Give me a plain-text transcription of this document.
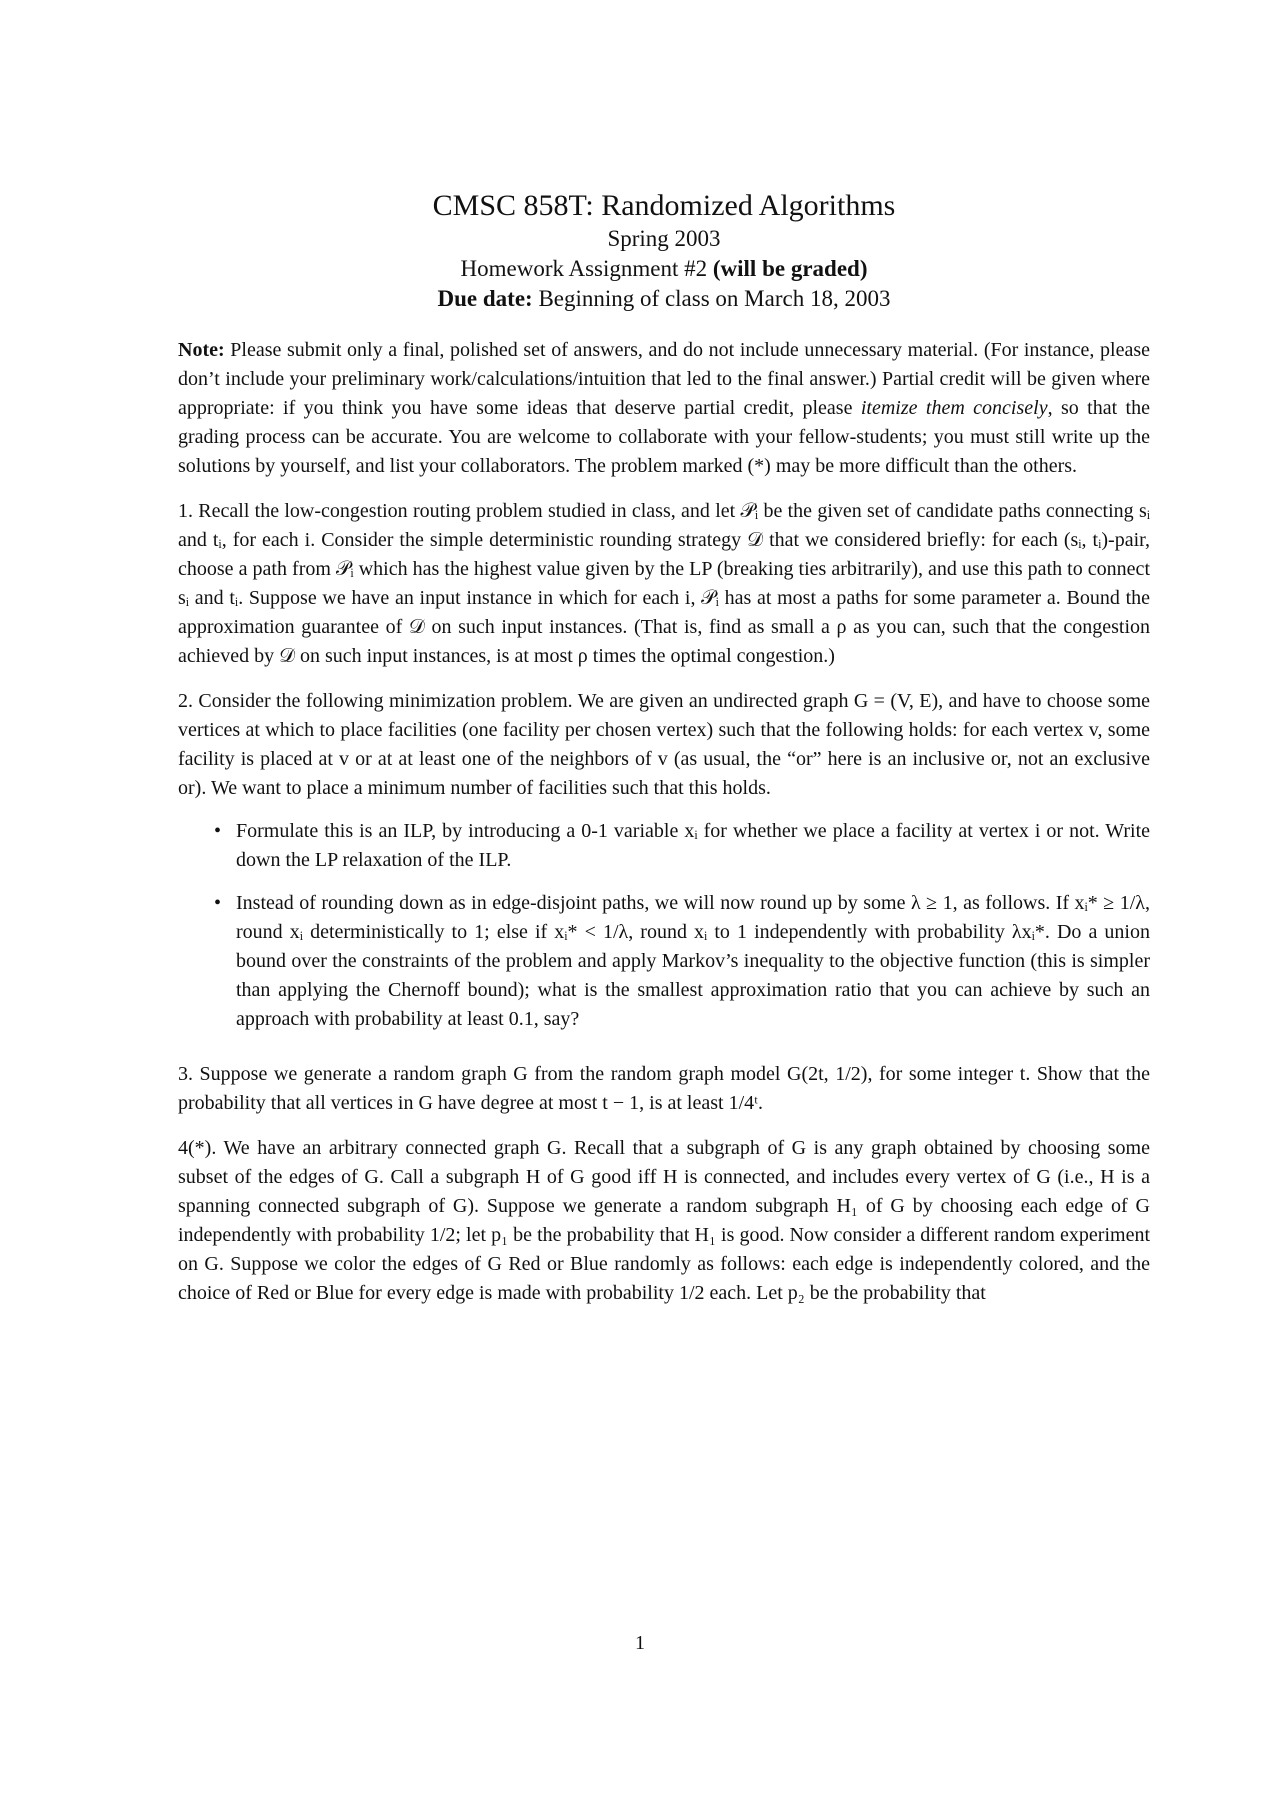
CMSC 858T: Randomized Algorithms
Spring 2003
Homework Assignment #2 (will be graded)
Due date: Beginning of class on March 18, 2003

Note: Please submit only a final, polished set of answers, and do not include unnecessary material. (For instance, please don’t include your preliminary work/calculations/intuition that led to the final answer.) Partial credit will be given where appropriate: if you think you have some ideas that deserve partial credit, please itemize them concisely, so that the grading process can be accurate. You are welcome to collaborate with your fellow-students; you must still write up the solutions by yourself, and list your collaborators. The problem marked (*) may be more difficult than the others.

1. Recall the low-congestion routing problem studied in class, and let 𝒫ᵢ be the given set of candidate paths connecting sᵢ and tᵢ, for each i. Consider the simple deterministic rounding strategy 𝒟 that we considered briefly: for each (sᵢ, tᵢ)-pair, choose a path from 𝒫ᵢ which has the highest value given by the LP (breaking ties arbitrarily), and use this path to connect sᵢ and tᵢ. Suppose we have an input instance in which for each i, 𝒫ᵢ has at most a paths for some parameter a. Bound the approximation guarantee of 𝒟 on such input instances. (That is, find as small a ρ as you can, such that the congestion achieved by 𝒟 on such input instances, is at most ρ times the optimal congestion.)

2. Consider the following minimization problem. We are given an undirected graph G = (V, E), and have to choose some vertices at which to place facilities (one facility per chosen vertex) such that the following holds: for each vertex v, some facility is placed at v or at at least one of the neighbors of v (as usual, the “or” here is an inclusive or, not an exclusive or). We want to place a minimum number of facilities such that this holds.

• Formulate this is an ILP, by introducing a 0-1 variable xᵢ for whether we place a facility at vertex i or not. Write down the LP relaxation of the ILP.
• Instead of rounding down as in edge-disjoint paths, we will now round up by some λ ≥ 1, as follows. If xᵢ* ≥ 1/λ, round xᵢ deterministically to 1; else if xᵢ* < 1/λ, round xᵢ to 1 independently with probability λxᵢ*. Do a union bound over the constraints of the problem and apply Markov’s inequality to the objective function (this is simpler than applying the Chernoff bound); what is the smallest approximation ratio that you can achieve by such an approach with probability at least 0.1, say?

3. Suppose we generate a random graph G from the random graph model G(2t, 1/2), for some integer t. Show that the probability that all vertices in G have degree at most t − 1, is at least 1/4ᵗ.

4(*). We have an arbitrary connected graph G. Recall that a subgraph of G is any graph obtained by choosing some subset of the edges of G. Call a subgraph H of G good iff H is connected, and includes every vertex of G (i.e., H is a spanning connected subgraph of G). Suppose we generate a random subgraph H₁ of G by choosing each edge of G independently with probability 1/2; let p₁ be the probability that H₁ is good. Now consider a different random experiment on G. Suppose we color the edges of G Red or Blue randomly as follows: each edge is independently colored, and the choice of Red or Blue for every edge is made with probability 1/2 each. Let p₂ be the probability that

1
